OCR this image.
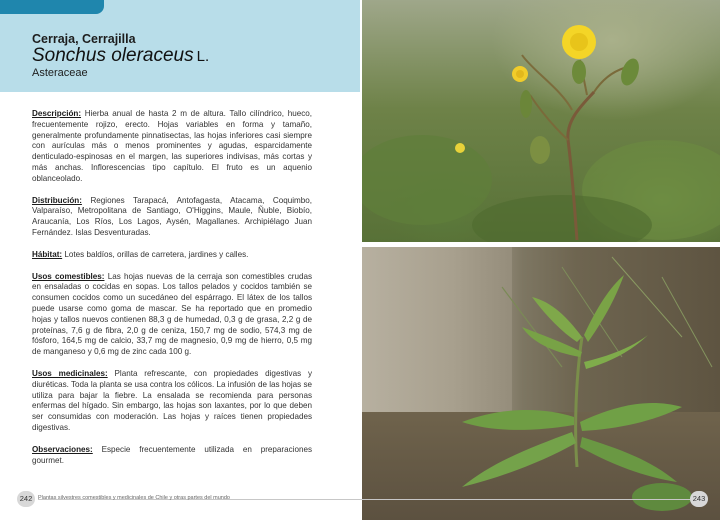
Cerraja, Cerrajilla
Sonchus oleraceus L.
Asteraceae

Descripción: Hierba anual de hasta 2 m de altura. Tallo cilíndrico, hueco, frecuentemente rojizo, erecto. Hojas variables en forma y tamaño, generalmente profundamente pinnatisectas, las hojas inferiores casi siempre con aurículas más o menos prominentes y agudas, esparcidamente denticulado-espinosas en el margen, las superiores indivisas, más cortas y más anchas. Inflorescencias tipo capítulo. El fruto es un aquenio oblanceolado.

Distribución: Regiones Tarapacá, Antofagasta, Atacama, Coquimbo, Valparaíso, Metropolitana de Santiago, O'Higgins, Maule, Ñuble, Biobío, Araucanía, Los Ríos, Los Lagos, Aysén, Magallanes. Archipiélago Juan Fernández. Islas Desventuradas.

Hábitat: Lotes baldíos, orillas de carretera, jardines y calles.

Usos comestibles: Las hojas nuevas de la cerraja son comestibles crudas en ensaladas o cocidas en sopas. Los tallos pelados y cocidos también se consumen cocidos como un sucedáneo del espárrago. El látex de los tallos puede usarse como goma de mascar. Se ha reportado que en promedio hojas y tallos nuevos contienen 88,3 g de humedad, 0,3 g de grasa, 2,2 g de proteínas, 7,6 g de fibra, 2,0 g de ceniza, 150,7 mg de sodio, 574,3 mg de fósforo, 164,5 mg de calcio, 33,7 mg de magnesio, 0,9 mg de hierro, 0,5 mg de manganeso y 0,6 mg de zinc cada 100 g.

Usos medicinales: Planta refrescante, con propiedades digestivas y diuréticas. Toda la planta se usa contra los cólicos. La infusión de las hojas se utiliza para bajar la fiebre. La ensalada se recomienda para personas enfermas del hígado. Sin embargo, las hojas son laxantes, por lo que deben ser consumidas con moderación. Las hojas y raíces tienen propiedades digestivas.

Observaciones: Especie frecuentemente utilizada en preparaciones gourmet.

242	Plantas silvestres comestibles y medicinales de Chile y otras partes del mundo	243
